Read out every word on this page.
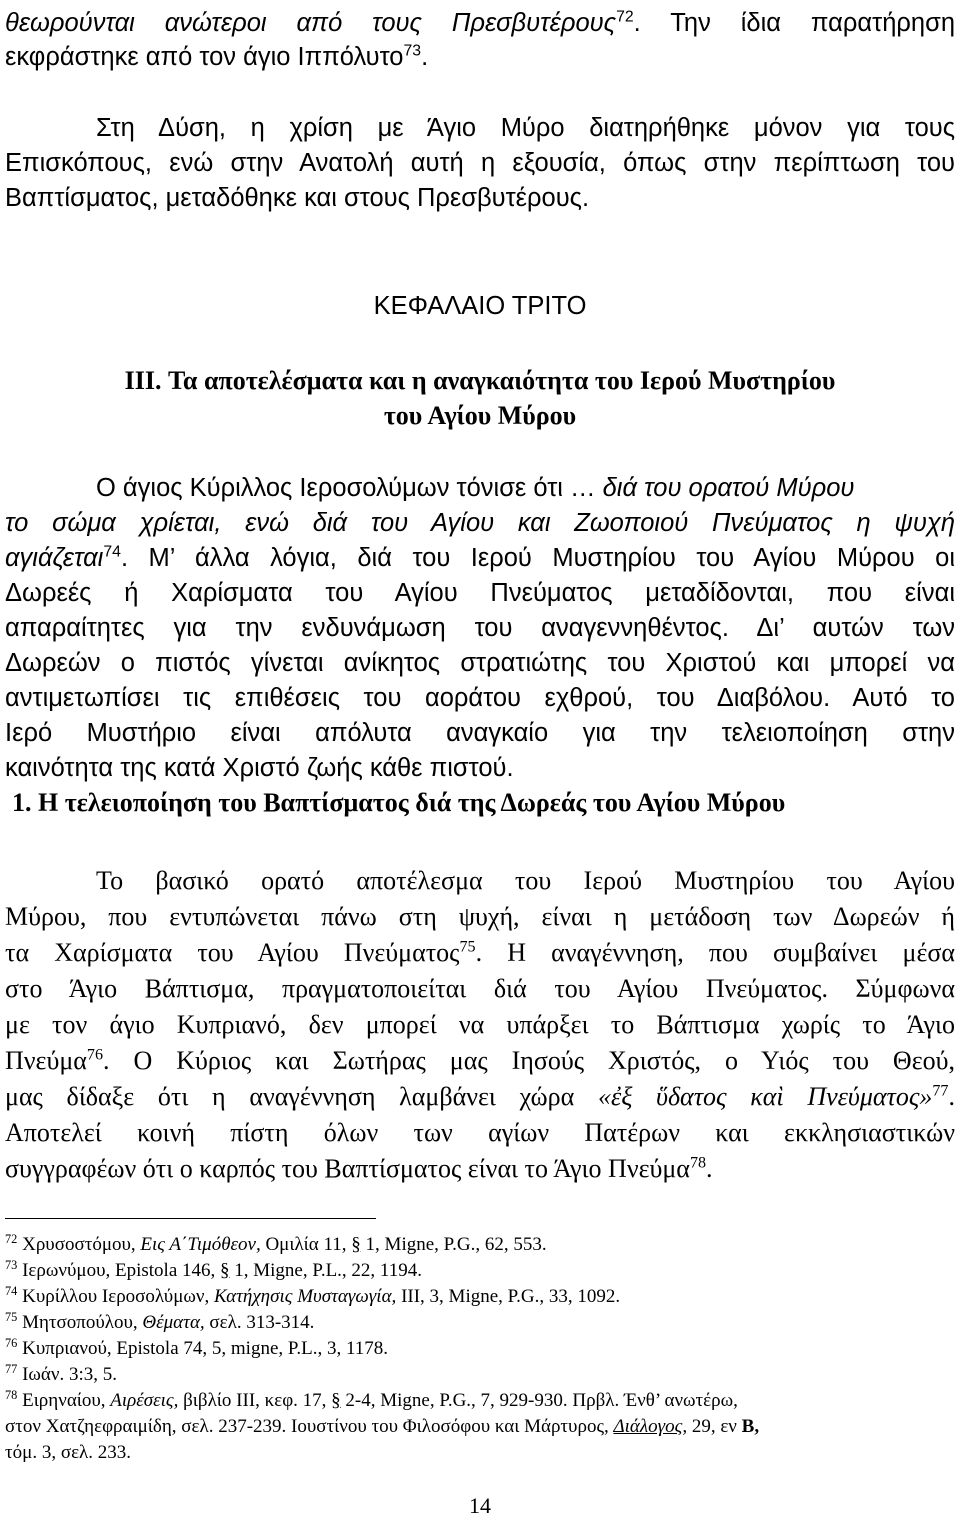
θεωρούνται ανώτεροι από τους Πρεσβυτέρους$^{72}$. Την ίδια παρατήρηση
εκφράστηκε από τον άγιο Ιππόλυτο$^{73}$.
Στη Δύση, η χρίση με Άγιο Μύρο διατηρήθηκε μόνον για τους
Επισκόπους, ενώ στην Ανατολή αυτή η εξουσία, όπως στην περίπτωση του
Βαπτίσματος, μεταδόθηκε και στους Πρεσβυτέρους.
ΚΕΦΑΛΑΙΟ ΤΡΙΤΟ
III. Τα αποτελέσματα και η αναγκαιότητα του Ιερού Μυστηρίου
του Αγίου Μύρου
Ο άγιος Κύριλλος Ιεροσολύμων τόνισε ότι … διά του ορατού Μύρου
το σώμα χρίεται, ενώ διά του Αγίου και Ζωοποιού Πνεύματος η ψυχή
αγιάζεται$^{74}$. Μ’ άλλα λόγια, διά του Ιερού Μυστηρίου του Αγίου Μύρου οι
Δωρεές ή Χαρίσματα του Αγίου Πνεύματος μεταδίδονται, που είναι
απαραίτητες για την ενδυνάμωση του αναγεννηθέντος. Δι’ αυτών των
Δωρεών ο πιστός γίνεται ανίκητος στρατιώτης του Χριστού και μπορεί να
αντιμετωπίσει τις επιθέσεις του αοράτου εχθρού, του Διαβόλου. Αυτό το
Ιερό Μυστήριο είναι απόλυτα αναγκαίο για την τελειοποίηση στην
καινότητα της κατά Χριστό ζωής κάθε πιστού.
1. Η τελειοποίηση του Βαπτίσματος διά της Δωρεάς του Αγίου Μύρου
Το βασικό ορατό αποτέλεσμα του Ιερού Μυστηρίου του Αγίου
Μύρου, που εντυπώνεται πάνω στη ψυχή, είναι η μετάδοση των Δωρεών ή
τα Χαρίσματα του Αγίου Πνεύματος$^{75}$. Η αναγέννηση, που συμβαίνει μέσα
στο Άγιο Βάπτισμα, πραγματοποιείται διά του Αγίου Πνεύματος. Σύμφωνα
με τον άγιο Κυπριανό, δεν μπορεί να υπάρξει το Βάπτισμα χωρίς το Άγιο
Πνεύμα$^{76}$. Ο Κύριος και Σωτήρας μας Ιησούς Χριστός, ο Υιός του Θεού,
μας δίδαξε ότι η αναγέννηση λαμβάνει χώρα «ἐξ ὕδατος καὶ Πνεύματος»$^{77}$.
Αποτελεί κοινή πίστη όλων των αγίων Πατέρων και εκκλησιαστικών
συγγραφέων ότι ο καρπός του Βαπτίσματος είναι το Άγιο Πνεύμα$^{78}$.
$^{72}$ Χρυσοστόμου, Εις Α΄Τιμόθεον, Ομιλία 11, § 1, Migne, P.G., 62, 553.
$^{73}$ Ιερωνύμου, Epistola 146, § 1, Migne, P.L., 22, 1194.
$^{74}$ Κυρίλλου Ιεροσολύμων, Κατήχησις Μυσταγωγία, ΙΙΙ, 3, Migne, P.G., 33, 1092.
$^{75}$ Μητσοπούλου, Θέματα, σελ. 313-314.
$^{76}$ Κυπριανού, Epistola 74, 5, migne, P.L., 3, 1178.
$^{77}$ Ιωάν. 3:3, 5.
$^{78}$ Ειρηναίου, Αιρέσεις, βιβλίο ΙΙΙ, κεφ. 17, § 2-4, Migne, P.G., 7, 929-930. Πρβλ. Ένθ’ ανωτέρω,
στον Χατζηεφραιμίδη, σελ. 237-239. Ιουστίνου του Φιλοσόφου και Μάρτυρος, Διάλογος, 29, εν Β,
τόμ. 3, σελ. 233.
14
